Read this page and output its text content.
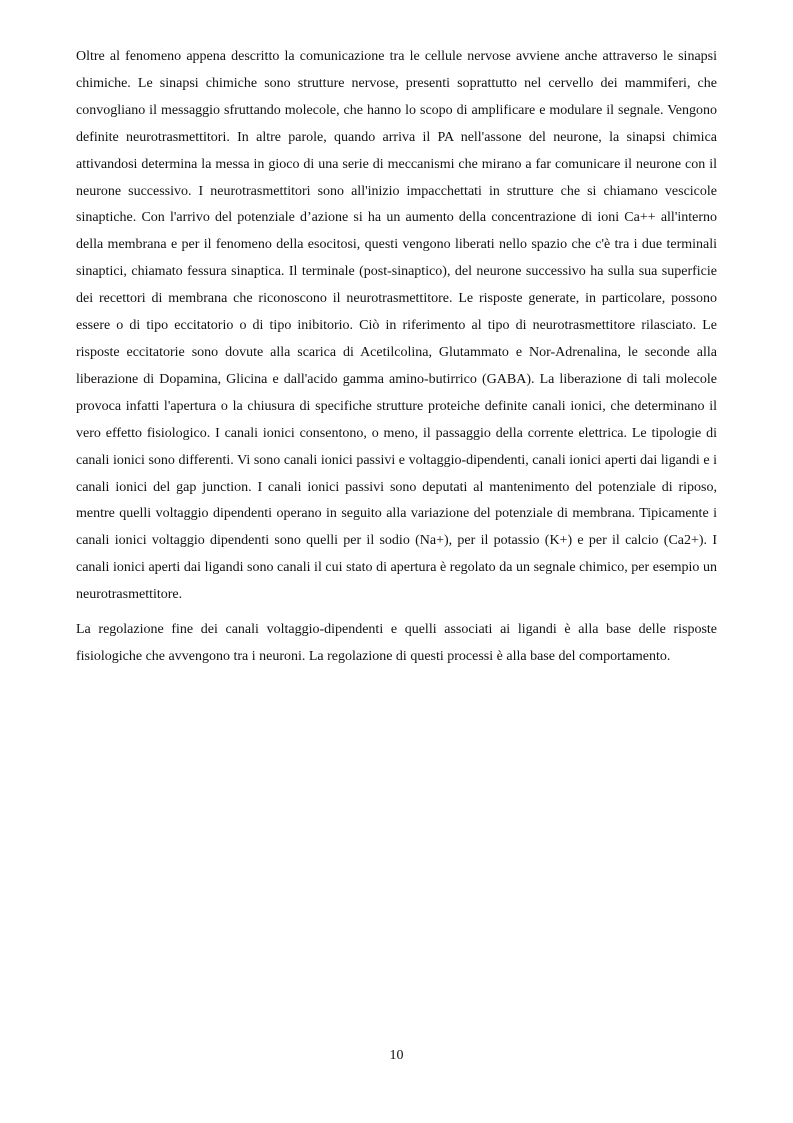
Oltre al fenomeno appena descritto la comunicazione tra le cellule nervose avviene anche attraverso le sinapsi chimiche. Le sinapsi chimiche sono strutture nervose, presenti soprattutto nel cervello dei mammiferi, che convogliano il messaggio sfruttando molecole, che hanno lo scopo di amplificare e modulare il segnale. Vengono definite neurotrasmettitori. In altre parole, quando arriva il PA nell'assone del neurone, la sinapsi chimica attivandosi determina la messa in gioco di una serie di meccanismi che mirano a far comunicare il neurone con il neurone successivo. I neurotrasmettitori sono all'inizio impacchettati in strutture che si chiamano vescicole sinaptiche. Con l'arrivo del potenziale d’azione si ha un aumento della concentrazione di ioni Ca++ all'interno della membrana e per il fenomeno della esocitosi, questi vengono liberati nello spazio che c'è tra i due terminali sinaptici, chiamato fessura sinaptica. Il terminale (post-sinaptico), del neurone successivo ha sulla sua superficie dei recettori di membrana che riconoscono il neurotrasmettitore. Le risposte generate, in particolare, possono essere o di tipo eccitatorio o di tipo inibitorio. Ciò in riferimento al tipo di neurotrasmettitore rilasciato. Le risposte eccitatorie sono dovute alla scarica di Acetilcolina, Glutammato e Nor-Adrenalina, le seconde alla liberazione di Dopamina, Glicina e dall'acido gamma amino-butirrico (GABA). La liberazione di tali molecole provoca infatti l'apertura o la chiusura di specifiche strutture proteiche definite canali ionici, che determinano il vero effetto fisiologico. I canali ionici consentono, o meno, il passaggio della corrente elettrica. Le tipologie di canali ionici sono differenti. Vi sono canali ionici passivi e voltaggio-dipendenti, canali ionici aperti dai ligandi e i canali ionici del gap junction. I canali ionici passivi sono deputati al mantenimento del potenziale di riposo, mentre quelli voltaggio dipendenti operano in seguito alla variazione del potenziale di membrana. Tipicamente i canali ionici voltaggio dipendenti sono quelli per il sodio (Na+), per il potassio (K+) e per il calcio (Ca2+). I canali ionici aperti dai ligandi sono canali il cui stato di apertura è regolato da un segnale chimico, per esempio un neurotrasmettitore.

La regolazione fine dei canali voltaggio-dipendenti e quelli associati ai ligandi è alla base delle risposte fisiologiche che avvengono tra i neuroni. La regolazione di questi processi è alla base del comportamento.

10
